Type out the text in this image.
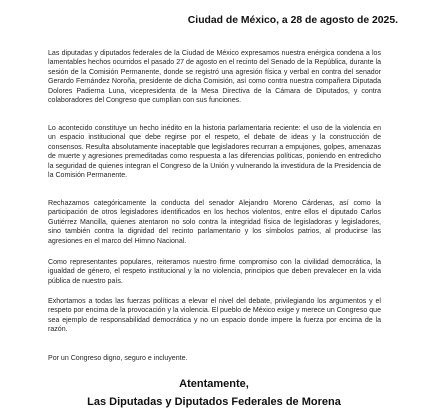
Ciudad de México, a 28 de agosto de 2025.

Las diputadas y diputados federales de la Ciudad de México expresamos nuestra enérgica condena a los lamentables hechos ocurridos el pasado 27 de agosto en el recinto del Senado de la República, durante la sesión de la Comisión Permanente, donde se registró una agresión física y verbal en contra del senador Gerardo Fernández Noroña, presidente de dicha Comisión, así como contra nuestra compañera Diputada Dolores Padierna Luna, vicepresidenta de la Mesa Directiva de la Cámara de Diputados, y contra colaboradores del Congreso que cumplían con sus funciones.

Lo acontecido constituye un hecho inédito en la historia parlamentaria reciente: el uso de la violencia en un espacio institucional que debe regirse por el respeto, el debate de ideas y la construcción de consensos. Resulta absolutamente inaceptable que legisladores recurran a empujones, golpes, amenazas de muerte y agresiones premeditadas como respuesta a las diferencias políticas, poniendo en entredicho la seguridad de quienes integran el Congreso de la Unión y vulnerando la investidura de la Presidencia de la Comisión Permanente.

Rechazamos categóricamente la conducta del senador Alejandro Moreno Cárdenas, así como la participación de otros legisladores identificados en los hechos violentos, entre ellos el diputado Carlos Gutiérrez Mancilla, quienes atentaron no solo contra la integridad física de legisladoras y legisladores, sino también contra la dignidad del recinto parlamentario y los símbolos patrios, al producirse las agresiones en el marco del Himno Nacional.

Como representantes populares, reiteramos nuestro firme compromiso con la civilidad democrática, la igualdad de género, el respeto institucional y la no violencia, principios que deben prevalecer en la vida pública de nuestro país.

Exhortamos a todas las fuerzas políticas a elevar el nivel del debate, privilegiando los argumentos y el respeto por encima de la provocación y la violencia. El pueblo de México exige y merece un Congreso que sea ejemplo de responsabilidad democrática y no un espacio donde impere la fuerza por encima de la razón.

Por un Congreso digno, seguro e incluyente.

Atentamente,

Las Diputadas y Diputados Federales de Morena
